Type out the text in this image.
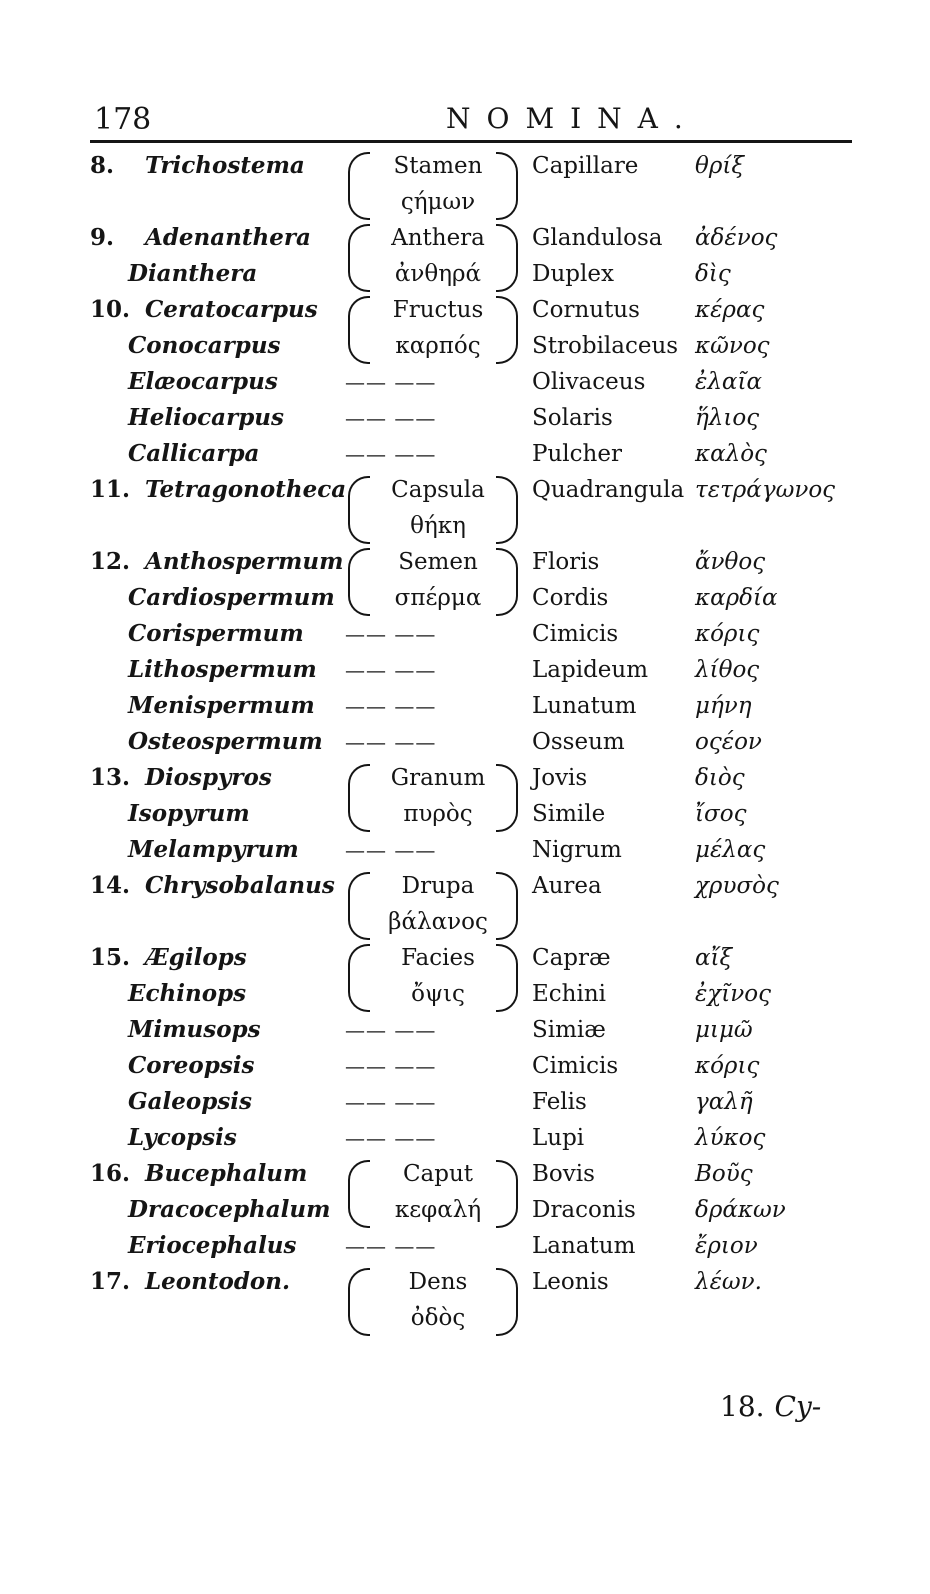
178	NOMINA.
8.	Trichostema	Stamen	Capillare θρίξ
ςήμων
9.	Adenanthera	Anthera	Glandulosa ἀδένος
Dianthera	ἀνθηρά	Duplex	δὶς
10. Ceratocarpus	Fructus	Cornutus κέρας
Conocarpus	καρπός	Strobilaceus κῶνος
Elæocarpus	—— ——	Olivaceus ἐλαῖα
Heliocarpus	—— ——	Solaris	ἥλιος
Callicarpa	—— ——	Pulcher	καλὸς
11. Tetragonotheca	Capsula	Quadrangula τετράγωνος
θήκη
12. Anthospermum	Semen	Floris	ἄνθος
Cardiospermum	σπέρμα	Cordis	καρδία
Corispermum —— ——	Cimicis	κόρις
Lithospermum —— ——	Lapideum λίθος
Menispermum —— ——	Lunatum	μήνη
Osteospermum —— ——	Osseum	οςέον
13. Diospyros	Granum	Jovis	διὸς
Isopyrum	πυρὸς	Simile	ἴσος
Melampyrum —— ——	Nigrum	μέλας
14. Chrysobalanus	Drupa	Aurea	χρυσὸς
βάλανος
15. Ægilops	Facies	Capræ	αἴξ
Echinops	ὄψις	Echini	ἐχῖνος
Mimusops	—— ——	Simiæ	μιμῶ
Coreopsis	—— ——	Cimicis	κόρις
Galeopsis	—— ——	Felis	γαλῆ
Lycopsis	—— ——	Lupi	λύκος
16. Bucephalum	Caput	Bovis	Βοῦς
Dracocephalum	κεφαλή	Draconis	δράκων
Eriocephalus —— ——	Lanatum	ἔριον
17. Leontodon.	Dens	Leonis	λέων.
ὀδὸς
18. Cy-
